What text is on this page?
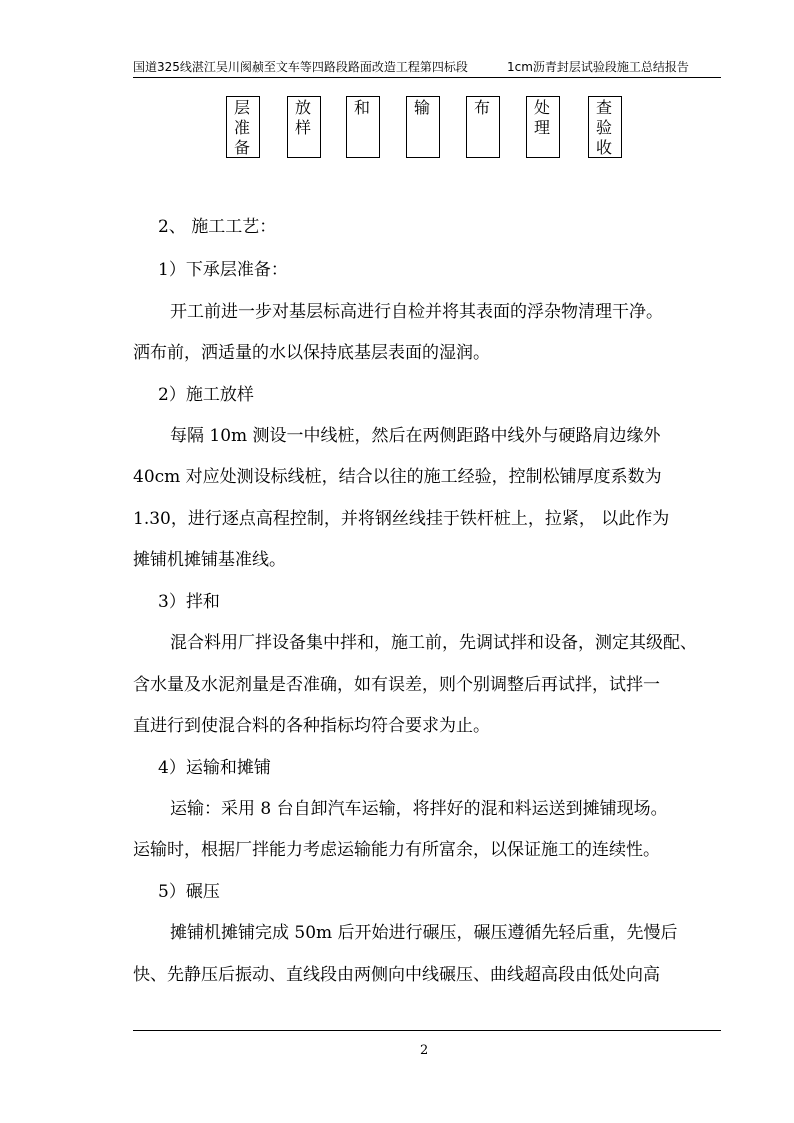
国道325线湛江吴川阂赪至文车等四路段路面改造工程第四标段	1cm沥青封层试验段施工总结报告
层
准
备
放
样
和	输	布	处
理
查
验
收
2、 施工工艺：
1）下承层准备：
开工前进一步对基层标高进行自检并将其表面的浮杂物清理干净。
洒布前，洒适量的水以保持底基层表面的湿润。
2）施工放样
每隔 10m 测设一中线桩，然后在两侧距路中线外与硬路肩边缘外
40cm 对应处测设标线桩，结合以往的施工经验，控制松铺厚度系数为
1.30，进行逐点高程控制，并将钢丝线挂于铁杆桩上，拉紧， 以此作为
摊铺机摊铺基准线。
3）拌和
混合料用厂拌设备集中拌和，施工前，先调试拌和设备，测定其级配、
含水量及水泥剂量是否准确，如有误差，则个别调整后再试拌，试拌一
直进行到使混合料的各种指标均符合要求为止。
4）运输和摊铺
运输：采用 8 台自卸汽车运输，将拌好的混和料运送到摊铺现场。
运输时，根据厂拌能力考虑运输能力有所富余，以保证施工的连续性。
5）碾压
摊铺机摊铺完成 50m 后开始进行碾压，碾压遵循先轻后重，先慢后
快、先静压后振动、直线段由两侧向中线碾压、曲线超高段由低处向高
2
